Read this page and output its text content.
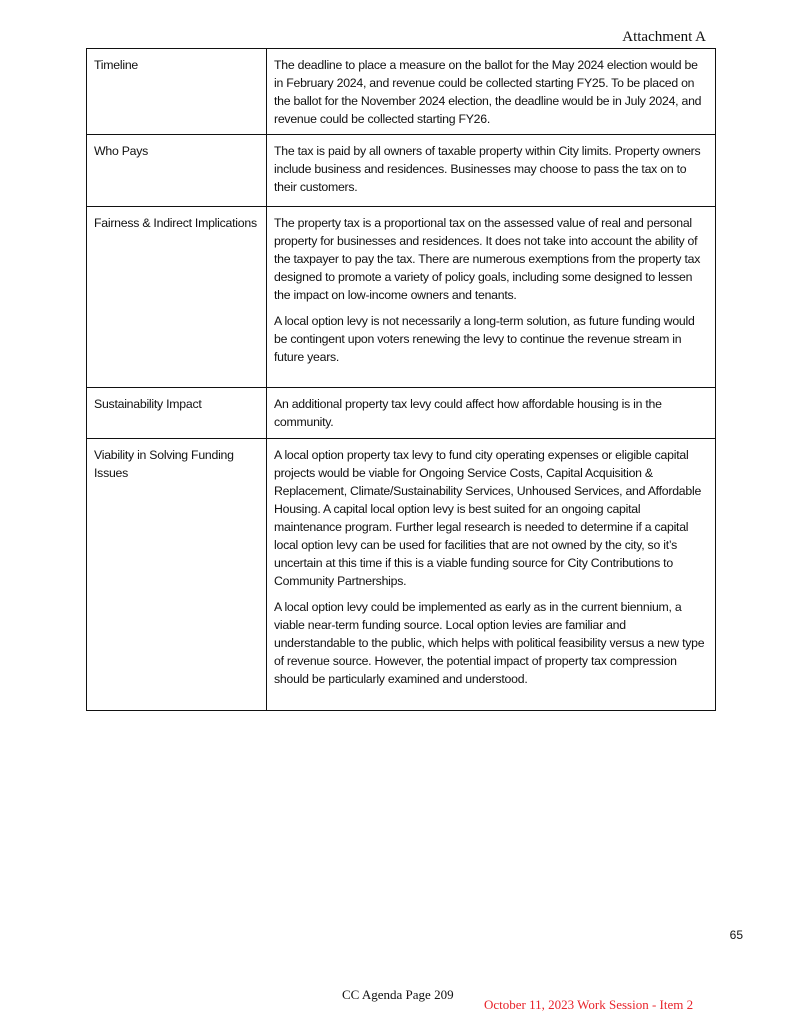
Attachment A
Timeline	The deadline to place a measure on the ballot for the May 2024 election would be in February 2024, and revenue could be collected starting FY25. To be placed on the ballot for the November 2024 election, the deadline would be in July 2024, and revenue could be collected starting FY26.

Who Pays	The tax is paid by all owners of taxable property within City limits. Property owners include business and residences. Businesses may choose to pass the tax on to their customers.

Fairness & Indirect Implications	The property tax is a proportional tax on the assessed value of real and personal property for businesses and residences. It does not take into account the ability of the taxpayer to pay the tax. There are numerous exemptions from the property tax designed to promote a variety of policy goals, including some designed to lessen the impact on low-income owners and tenants.

A local option levy is not necessarily a long-term solution, as future funding would be contingent upon voters renewing the levy to continue the revenue stream in future years.

Sustainability Impact	An additional property tax levy could affect how affordable housing is in the community.

Viability in Solving Funding Issues	A local option property tax levy to fund city operating expenses or eligible capital projects would be viable for Ongoing Service Costs, Capital Acquisition & Replacement, Climate/Sustainability Services, Unhoused Services, and Affordable Housing. A capital local option levy is best suited for an ongoing capital maintenance program. Further legal research is needed to determine if a capital local option levy can be used for facilities that are not owned by the city, so it’s uncertain at this time if this is a viable funding source for City Contributions to Community Partnerships.

A local option levy could be implemented as early as in the current biennium, a viable near-term funding source. Local option levies are familiar and understandable to the public, which helps with political feasibility versus a new type of revenue source. However, the potential impact of property tax compression should be particularly examined and understood.

65
CC Agenda Page 209
October 11, 2023 Work Session - Item 2
